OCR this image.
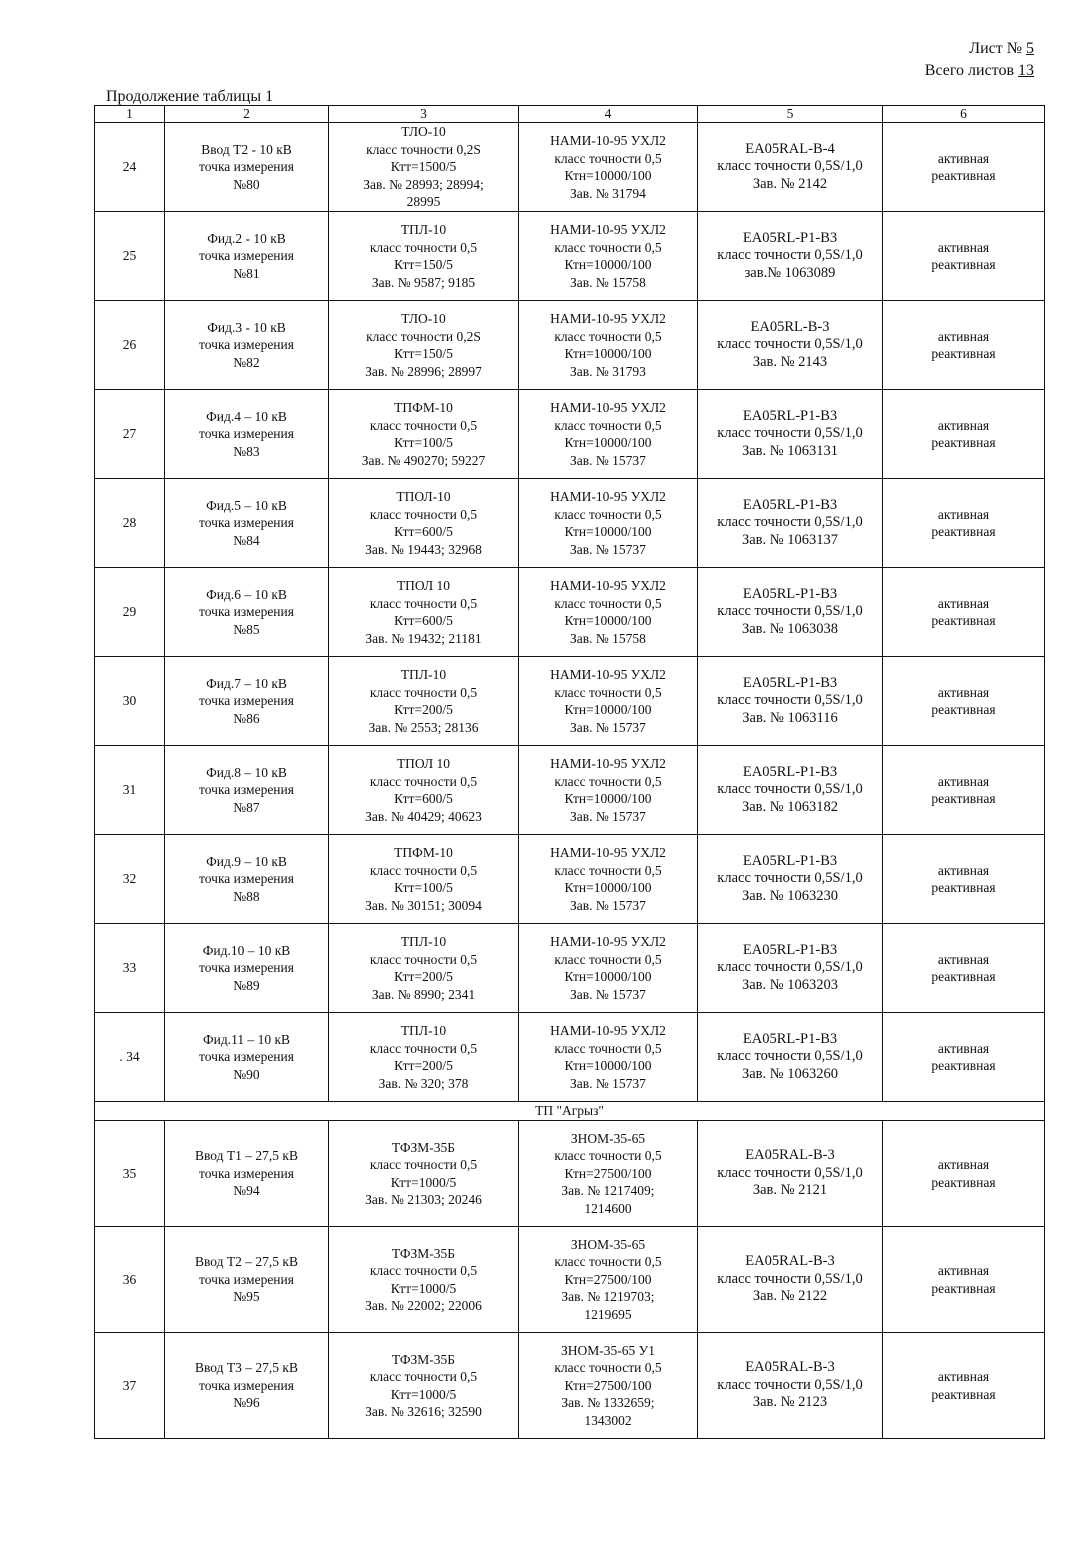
Лист № 5
Всего листов 13
Продолжение таблицы 1
1	2	3	4	5	6
24	Ввод Т2 - 10 кВ
точка измерения
№80	ТЛО-10
класс точности 0,2S
Ктт=1500/5
Зав. № 28993; 28994;
28995	НАМИ-10-95 УХЛ2
класс точности 0,5
Ктн=10000/100
Зав. № 31794	EA05RAL-B-4
класс точности 0,5S/1,0
Зав. № 2142	активная
реактивная

25	Фид.2 - 10 кВ
точка измерения
№81	ТПЛ-10
класс точности 0,5
Ктт=150/5
Зав. № 9587; 9185	НАМИ-10-95 УХЛ2
класс точности 0,5
Ктн=10000/100
Зав. № 15758	EA05RL-P1-B3
класс точности 0,5S/1,0
зав.№ 1063089	активная
реактивная

26	Фид.3 - 10 кВ
точка измерения
№82	ТЛО-10
класс точности 0,2S
Ктт=150/5
Зав. № 28996; 28997	НАМИ-10-95 УХЛ2
класс точности 0,5
Ктн=10000/100
Зав. № 31793	EA05RL-B-3
класс точности 0,5S/1,0
Зав. № 2143	активная
реактивная

27	Фид.4 – 10 кВ
точка измерения
№83	ТПФМ-10
класс точности 0,5
Ктт=100/5
Зав. № 490270; 59227	НАМИ-10-95 УХЛ2
класс точности 0,5
Ктн=10000/100
Зав. № 15737	EA05RL-P1-B3
класс точности 0,5S/1,0
Зав. № 1063131	активная
реактивная

28	Фид.5 – 10 кВ
точка измерения
№84	ТПОЛ-10
класс точности 0,5
Ктт=600/5
Зав. № 19443; 32968	НАМИ-10-95 УХЛ2
класс точности 0,5
Ктн=10000/100
Зав. № 15737	EA05RL-P1-B3
класс точности 0,5S/1,0
Зав. № 1063137	активная
реактивная

29	Фид.6 – 10 кВ
точка измерения
№85	ТПОЛ 10
класс точности 0,5
Ктт=600/5
Зав. № 19432; 21181	НАМИ-10-95 УХЛ2
класс точности 0,5
Ктн=10000/100
Зав. № 15758	EA05RL-P1-B3
класс точности 0,5S/1,0
Зав. № 1063038	активная
реактивная

30	Фид.7 – 10 кВ
точка измерения
№86	ТПЛ-10
класс точности 0,5
Ктт=200/5
Зав. № 2553; 28136	НАМИ-10-95 УХЛ2
класс точности 0,5
Ктн=10000/100
Зав. № 15737	EA05RL-P1-B3
класс точности 0,5S/1,0
Зав. № 1063116	активная
реактивная

31	Фид.8 – 10 кВ
точка измерения
№87	ТПОЛ 10
класс точности 0,5
Ктт=600/5
Зав. № 40429; 40623	НАМИ-10-95 УХЛ2
класс точности 0,5
Ктн=10000/100
Зав. № 15737	EA05RL-P1-B3
класс точности 0,5S/1,0
Зав. № 1063182	активная
реактивная

32	Фид.9 – 10 кВ
точка измерения
№88	ТПФМ-10
класс точности 0,5
Ктт=100/5
Зав. № 30151; 30094	НАМИ-10-95 УХЛ2
класс точности 0,5
Ктн=10000/100
Зав. № 15737	EA05RL-P1-B3
класс точности 0,5S/1,0
Зав. № 1063230	активная
реактивная

33	Фид.10 – 10 кВ
точка измерения
№89	ТПЛ-10
класс точности 0,5
Ктт=200/5
Зав. № 8990; 2341	НАМИ-10-95 УХЛ2
класс точности 0,5
Ктн=10000/100
Зав. № 15737	EA05RL-P1-B3
класс точности 0,5S/1,0
Зав. № 1063203	активная
реактивная

. 34	Фид.11 – 10 кВ
точка измерения
№90	ТПЛ-10
класс точности 0,5
Ктт=200/5
Зав. № 320; 378	НАМИ-10-95 УХЛ2
класс точности 0,5
Ктн=10000/100
Зав. № 15737	EA05RL-P1-B3
класс точности 0,5S/1,0
Зав. № 1063260	активная
реактивная

ТП "Агрыз"					
35	Ввод Т1 – 27,5 кВ
точка измерения
№94	ТФЗМ-35Б
класс точности 0,5
Ктт=1000/5
Зав. № 21303; 20246	ЗНОМ-35-65
класс точности 0,5
Ктн=27500/100
Зав. № 1217409;
1214600	EA05RAL-B-3
класс точности 0,5S/1,0
Зав. № 2121	активная
реактивная

36	Ввод Т2 – 27,5 кВ
точка измерения
№95	ТФЗМ-35Б
класс точности 0,5
Ктт=1000/5
Зав. № 22002; 22006	ЗНОМ-35-65
класс точности 0,5
Ктн=27500/100
Зав. № 1219703;
1219695	EA05RAL-B-3
класс точности 0,5S/1,0
Зав. № 2122	активная
реактивная

37	Ввод Т3 – 27,5 кВ
точка измерения
№96	ТФЗМ-35Б
класс точности 0,5
Ктт=1000/5
Зав. № 32616; 32590	ЗНОМ-35-65 У1
класс точности 0,5
Ктн=27500/100
Зав. № 1332659;
1343002	EA05RAL-B-3
класс точности 0,5S/1,0
Зав. № 2123	активная
реактивная
